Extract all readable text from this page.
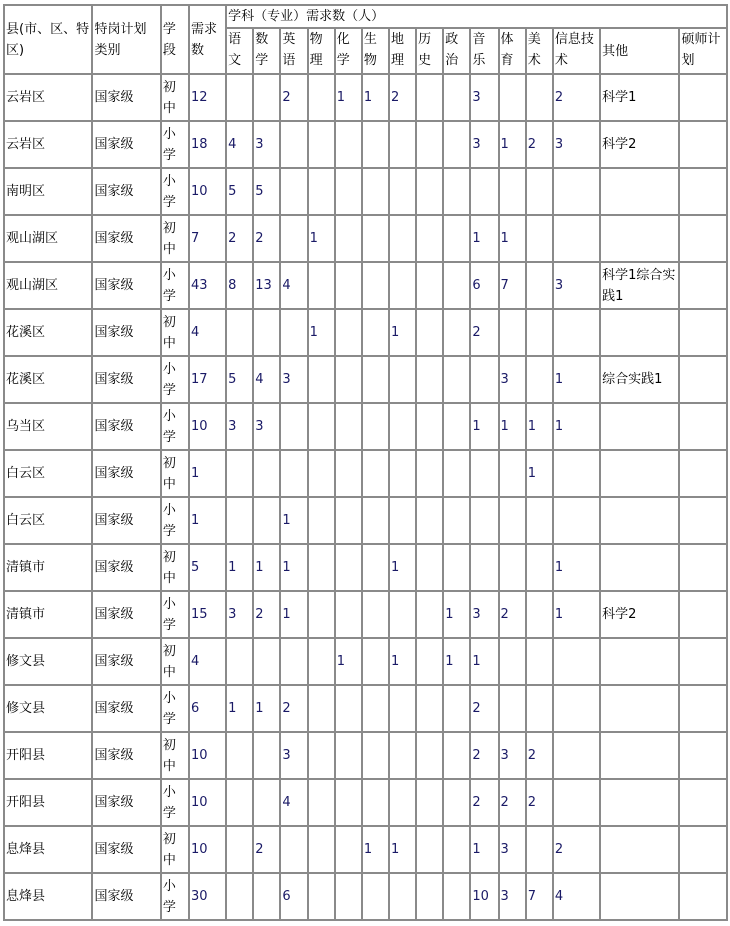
县(市、区、特区)	特岗计划类别	学段	需求数	学科（专业）需求数（人）														
				语文	数学	英语	物理	化学	生物	地理	历史	政治	音乐	体育	美术	信息技术	其他	硕师计划
云岩区	国家级	初中	12			2		1	1	2			3			2	科学1	
云岩区	国家级	小学	18	4	3								3	1	2	3	科学2	
南明区	国家级	小学	10	5	5													
观山湖区	国家级	初中	7	2	2		1						1	1				
观山湖区	国家级	小学	43	8	13	4							6	7		3	科学1综合实践1	
花溪区	国家级	初中	4				1			1			2					
花溪区	国家级	小学	17	5	4	3								3		1	综合实践1	
乌当区	国家级	小学	10	3	3								1	1	1	1		
白云区	国家级	初中	1												1			
白云区	国家级	小学	1			1												
清镇市	国家级	初中	5	1	1	1				1						1		
清镇市	国家级	小学	15	3	2	1						1	3	2		1	科学2	
修文县	国家级	初中	4					1		1		1	1					
修文县	国家级	小学	6	1	1	2							2					
开阳县	国家级	初中	10			3							2	3	2			
开阳县	国家级	小学	10			4							2	2	2			
息烽县	国家级	初中	10		2				1	1			1	3		2		
息烽县	国家级	小学	30			6							10	3	7	4		
